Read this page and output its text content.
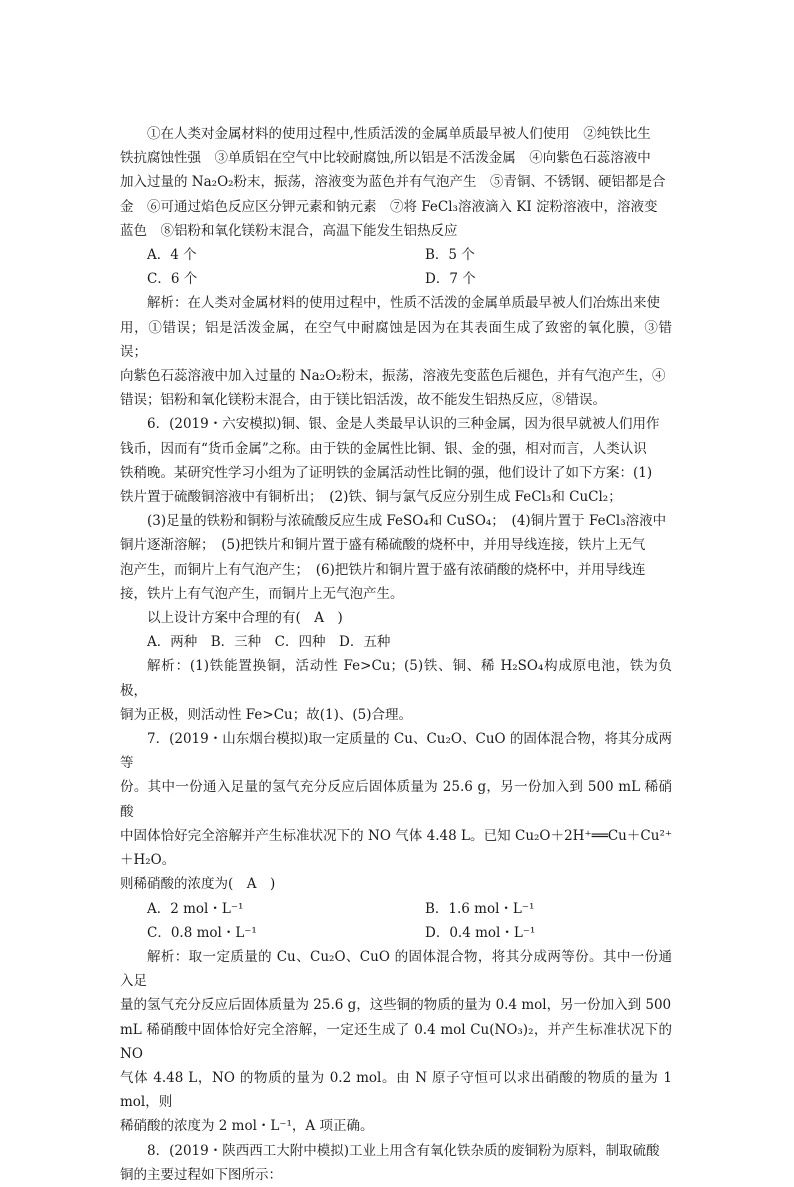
①在人类对金属材料的使用过程中,性质活泼的金属单质最早被人们使用　②纯铁比生

铁抗腐蚀性强　③单质铝在空气中比较耐腐蚀,所以铝是不活泼金属　④向紫色石蕊溶液中

加入过量的 Na₂O₂粉末，振荡，溶液变为蓝色并有气泡产生　⑤青铜、不锈钢、硬铝都是合

金　⑥可通过焰色反应区分钾元素和钠元素　⑦将 FeCl₃溶液滴入 KI 淀粉溶液中，溶液变

蓝色　⑧铝粉和氧化镁粉末混合，高温下能发生铝热反应

A．4 个	B．5 个
C．6 个	D．7 个

解析：在人类对金属材料的使用过程中，性质不活泼的金属单质最早被人们冶炼出来使

用，①错误；铝是活泼金属，在空气中耐腐蚀是因为在其表面生成了致密的氧化膜，③错误；

向紫色石蕊溶液中加入过量的 Na₂O₂粉末，振荡，溶液先变蓝色后褪色，并有气泡产生，④

错误；铝粉和氧化镁粉末混合，由于镁比铝活泼，故不能发生铝热反应，⑧错误。

6．(2019・六安模拟)铜、银、金是人类最早认识的三种金属，因为很早就被人们用作

钱币，因而有“货币金属”之称。由于铁的金属性比铜、银、金的强，相对而言，人类认识

铁稍晚。某研究性学习小组为了证明铁的金属活动性比铜的强，他们设计了如下方案：(1)

铁片置于硫酸铜溶液中有铜析出；　(2)铁、铜与氯气反应分别生成 FeCl₃和 CuCl₂；

(3)足量的铁粉和铜粉与浓硫酸反应生成 FeSO₄和 CuSO₄；　(4)铜片置于 FeCl₃溶液中

铜片逐渐溶解；　(5)把铁片和铜片置于盛有稀硫酸的烧杯中，并用导线连接，铁片上无气

泡产生，而铜片上有气泡产生；　(6)把铁片和铜片置于盛有浓硝酸的烧杯中，并用导线连

接，铁片上有气泡产生，而铜片上无气泡产生。

以上设计方案中合理的有(　A　)

A．两种　B．三种　C．四种　D．五种

解析：(1)铁能置换铜，活动性 Fe>Cu；(5)铁、铜、稀 H₂SO₄构成原电池，铁为负极，

铜为正极，则活动性 Fe>Cu；故(1)、(5)合理。

7．(2019・山东烟台模拟)取一定质量的 Cu、Cu₂O、CuO 的固体混合物，将其分成两等

份。其中一份通入足量的氢气充分反应后固体质量为 25.6 g，另一份加入到 500 mL 稀硝酸

中固体恰好完全溶解并产生标准状况下的 NO 气体 4.48 L。已知 Cu₂O＋2H⁺══Cu＋Cu²⁺＋H₂O。

则稀硝酸的浓度为(　A　)

A．2 mol・L⁻¹	B．1.6 mol・L⁻¹
C．0.8 mol・L⁻¹	D．0.4 mol・L⁻¹

解析：取一定质量的 Cu、Cu₂O、CuO 的固体混合物，将其分成两等份。其中一份通入足

量的氢气充分反应后固体质量为 25.6 g，这些铜的物质的量为 0.4 mol，另一份加入到 500

mL 稀硝酸中固体恰好完全溶解，一定还生成了 0.4 mol Cu(NO₃)₂，并产生标准状况下的 NO

气体 4.48 L，NO 的物质的量为 0.2 mol。由 N 原子守恒可以求出硝酸的物质的量为 1 mol，则

稀硝酸的浓度为 2 mol・L⁻¹，A 项正确。

8．(2019・陕西西工大附中模拟)工业上用含有氧化铁杂质的废铜粉为原料，制取硫酸

铜的主要过程如下图所示：
